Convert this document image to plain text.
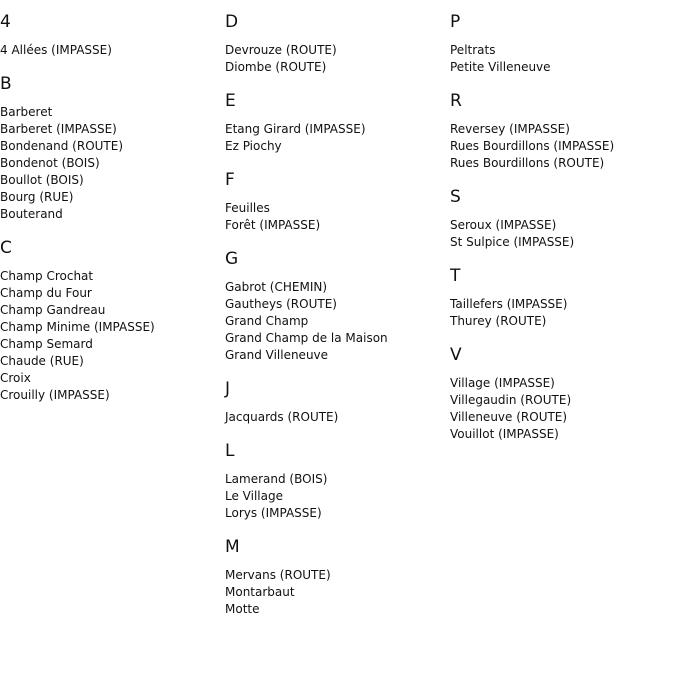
4
4 Allées (IMPASSE)
B
Barberet
Barberet (IMPASSE)
Bondenand (ROUTE)
Bondenot (BOIS)
Boullot (BOIS)
Bourg (RUE)
Bouterand
C
Champ Crochat
Champ du Four
Champ Gandreau
Champ Minime (IMPASSE)
Champ Semard
Chaude (RUE)
Croix
Crouilly (IMPASSE)
D
Devrouze (ROUTE)
Diombe (ROUTE)
E
Etang Girard (IMPASSE)
Ez Piochy
F
Feuilles
Forêt (IMPASSE)
G
Gabrot (CHEMIN)
Gautheys (ROUTE)
Grand Champ
Grand Champ de la Maison
Grand Villeneuve
J
Jacquards (ROUTE)
L
Lamerand (BOIS)
Le Village
Lorys (IMPASSE)
M
Mervans (ROUTE)
Montarbaut
Motte
P
Peltrats
Petite Villeneuve
R
Reversey (IMPASSE)
Rues Bourdillons (IMPASSE)
Rues Bourdillons (ROUTE)
S
Seroux (IMPASSE)
St Sulpice (IMPASSE)
T
Taillefers (IMPASSE)
Thurey (ROUTE)
V
Village (IMPASSE)
Villegaudin (ROUTE)
Villeneuve (ROUTE)
Vouillot (IMPASSE)
